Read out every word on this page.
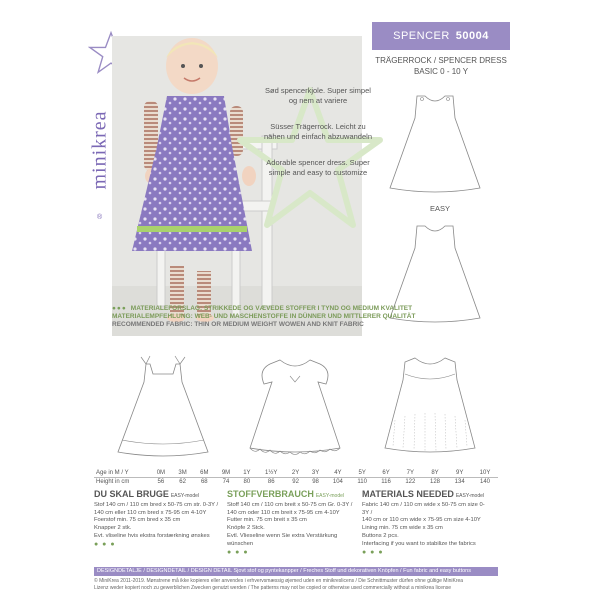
minikrea
®
SPENCER 50004
TRÄGERROCK / SPENCER DRESS
BASIC 0 - 10 Y
Sød spencerkjole. Super simpel og nem at variere
Süsser Trägerrock. Leicht zu nähen und einfach abzuwandeln
Adorable spencer dress. Super simple and easy to customize
EASY
●●● MATERIALEFORSLAG: STRIKKEDE OG VÆVEDE STOFFER I TYND OG MEDIUM KVALITET
MATERIALEMPFEHLUNG: WEB- UND MASCHENSTOFFE IN DÜNNER UND MITTLERER QUALITÄT
RECOMMENDED FABRIC: THIN OR MEDIUM WEIGHT WOWEN AND KNIT FABRIC
Age in M / Y	0M	3M	6M	9M	1Y	1½Y	2Y	3Y	4Y	5Y	6Y	7Y	8Y	9Y	10Y
Height in cm	56	62	68	74	80	86	92	98	104	110	116	122	128	134	140
DU SKAL BRUGE EASY-model
Stof 140 cm / 110 cm bred x 50-75 cm str. 0-3Y /
140 cm eller 110 cm bred x 75-95 cm 4-10Y
Foerstof min. 75 cm bred x 35 cm
Knapper 2 stk.
Evt. vliseline hvis ekstra forstærkning ønskes
● ● ●
STOFFVERBRAUCH EASY-model
Stoff 140 cm / 110 cm breit x 50-75 cm Gr. 0-3Y /
140 cm oder 110 cm breit x 75-95 cm 4-10Y
Futter min. 75 cm breit x 35 cm
Knöpfe 2 Stck.
Evtl. Vlieseline wenn Sie extra Verstärkung wünschen
● ● ●
MATERIALS NEEDED EASY-model
Fabric 140 cm / 110 cm wide x 50-75 cm size 0-3Y /
140 cm or 110 cm wide x 75-95 cm size 4-10Y
Lining min. 75 cm wide x 35 cm
Buttons 2 pcs.
Interfacing if you want to stabilize the fabrics
● ● ●
DESIGNDETALJE / DESIGNDETAIL / DESIGN DETAIL Sjovt stof og pyntekanpper / Freches Stoff und dekorativen Knöpfen / Fun fabric and easy buttons
© MiniKrea 2011-2019. Mønstrene må ikke kopieres eller anvendes i erhvervsmæssig øjemed uden en minikreslicens / Die Schnittmuster dürfen ohne gültige MiniKrea
Lizenz weder kopiert noch zu gewerblichen Zwecken genutzt werden / The patterns may not be copied or otherwise used commercially without a minikrea license
